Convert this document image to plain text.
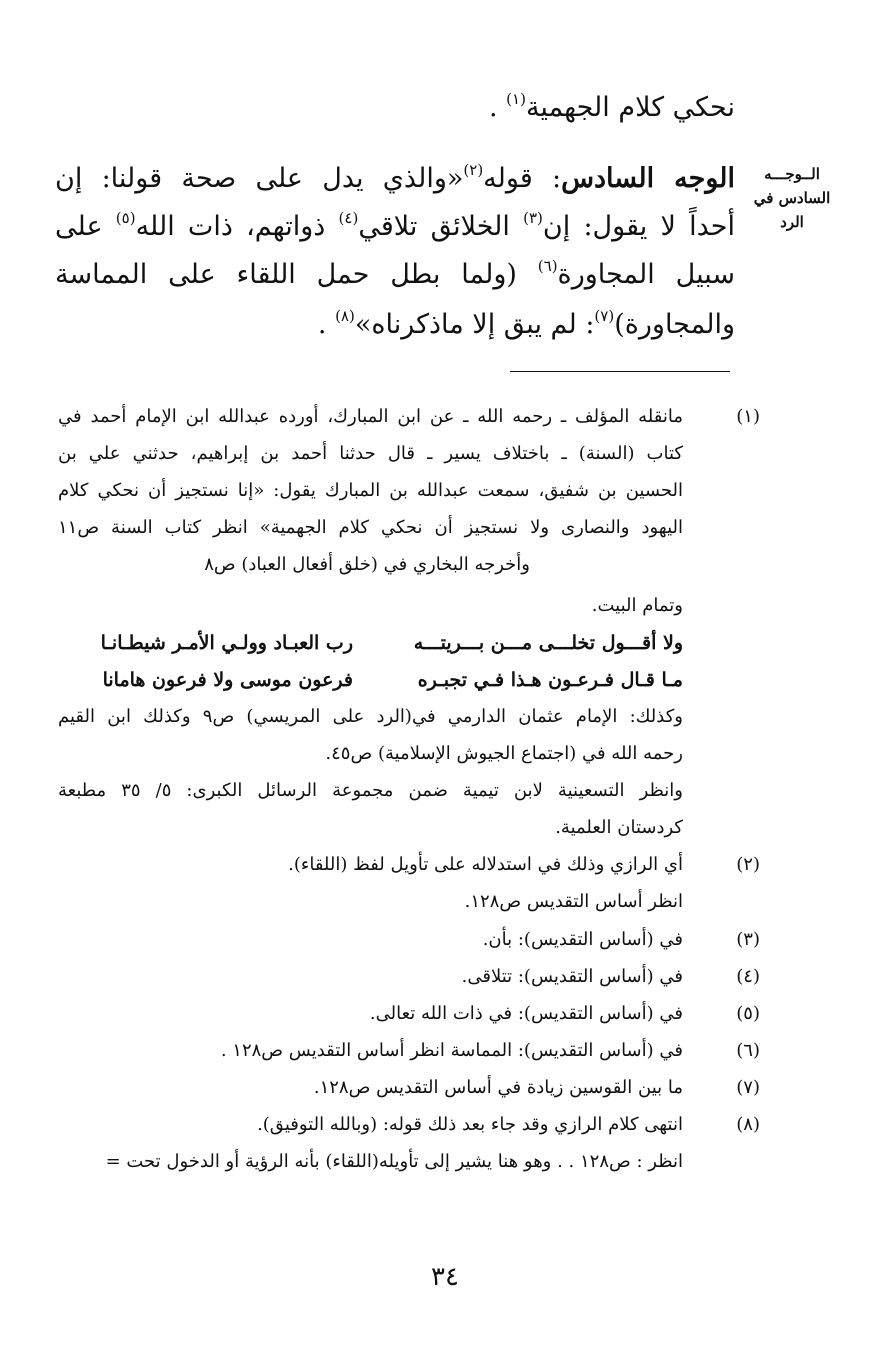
نحكي كلام الجهمية$^{(١)}$ .
الوجه السادس: قوله$^{(٢)}$«والذي يدل على صحة قولنا: إن
أحداً لا يقول: إن$^{(٣)}$ الخلائق تلاقي$^{(٤)}$ ذواتهم، ذات الله$^{(٥)}$ على
سبيل المجاورة$^{(٦)}$ (ولما بطل حمل اللقاء على المماسة
والمجاورة)$^{(٧)}$: لم يبق إلا ماذكرناه»$^{(٨)}$ .
الــوجـــه
السادس في
الرد
(١)
(٢)
(٣)
(٤)
(٥)
(٦)
(٧)
(٨)
مانقله المؤلف ـ رحمه الله ـ عن ابن المبارك، أورده عبدالله ابن الإمام أحمد في
كتاب (السنة) ـ باختلاف يسير ـ قال حدثنا أحمد بن إبراهيم، حدثني علي بن
الحسين بن شفيق، سمعت عبدالله بن المبارك يقول: «إنا نستجيز أن نحكي كلام
اليهود والنصارى ولا نستجيز أن نحكي كلام الجهمية» انظر كتاب السنة ص١١
وأخرجه البخاري في (خلق أفعال العباد) ص٨
وتمام البيت.
ولا أقـــول تخلـــى مـــن بـــريتـــه
رب العبـاد وولـي الأمـر شيطـانـا
مـا قـال فـرعـون هـذا فـي تجبـره
فرعون موسى ولا فرعون هامانا
وكذلك: الإمام عثمان الدارمي في(الرد على المريسي) ص٩ وكذلك ابن القيم
رحمه الله في (اجتماع الجيوش الإسلامية) ص٤٥.
وانظر التسعينية لابن تيمية ضمن مجموعة الرسائل الكبرى: ٥/ ٣٥ مطبعة
كردستان العلمية.
أي الرازي وذلك في استدلاله على تأويل لفظ (اللقاء).
انظر أساس التقديس ص١٢٨.
في (أساس التقديس): بأن.
في (أساس التقديس): تتلاقى.
في (أساس التقديس): في ذات الله تعالى.
في (أساس التقديس): المماسة انظر أساس التقديس ص١٢٨ .
ما بين القوسين زيادة في أساس التقديس ص١٢٨.
انتهى كلام الرازي وقد جاء بعد ذلك قوله: (وبالله التوفيق).
انظر : ص١٢٨ . . وهو هنا يشير إلى تأويله(اللقاء) بأنه الرؤية أو الدخول تحت =
٣٤
